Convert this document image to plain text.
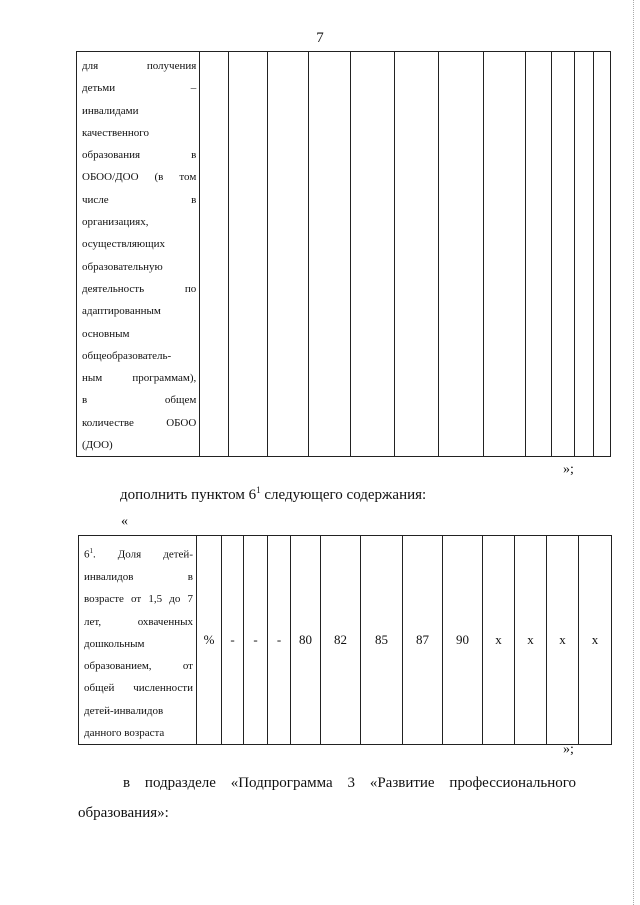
7
для получения
детьми –
инвалидами
качественного
образования в
ОБОО/ДОО (в том
числе в
организациях,
осуществляющих
образовательную
деятельность по
адаптированным
основным
общеобразователь-
ным программам),
в общем
количестве ОБОО
(ДОО)

»;
дополнить пунктом $6^1$ следующего содержания:
«
$6^1$. Доля детей-
инвалидов в
возрасте от 1,5 до 7
лет, охваченных
дошкольным
образованием, от
общей численности
детей-инвалидов
данного возраста
	%	-	-	-	80	82	85	87	90	х	х	х	х
»;
в подразделе «Подпрограмма 3 «Развитие профессионального
образования»:
